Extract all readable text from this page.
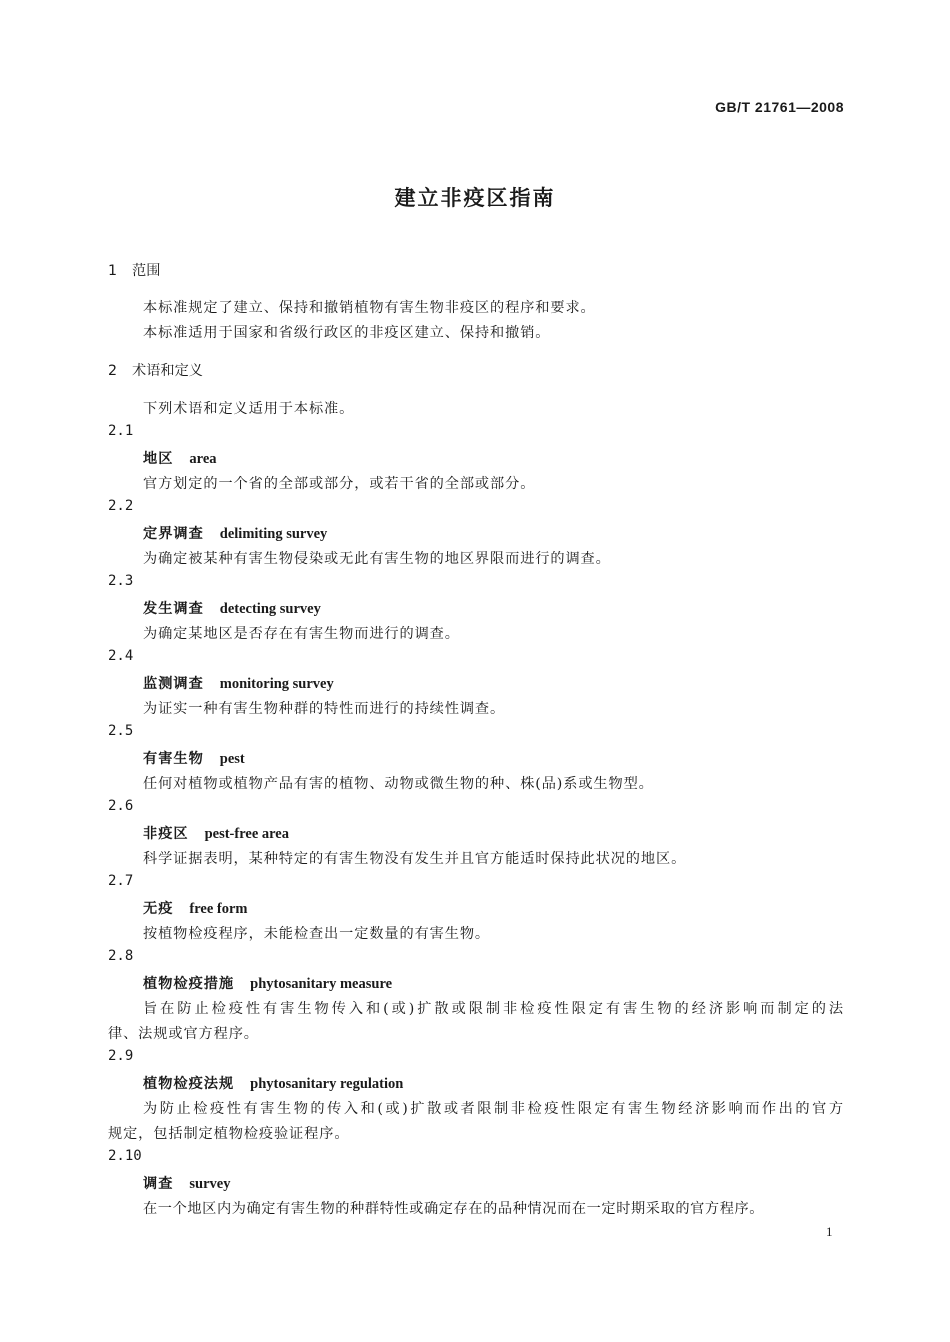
GB/T 21761—2008
建立非疫区指南
1 范围
本标准规定了建立、保持和撤销植物有害生物非疫区的程序和要求。
本标准适用于国家和省级行政区的非疫区建立、保持和撤销。
2 术语和定义
下列术语和定义适用于本标准。
2.1
地区 area
官方划定的一个省的全部或部分，或若干省的全部或部分。
2.2
定界调查 delimiting survey
为确定被某种有害生物侵染或无此有害生物的地区界限而进行的调查。
2.3
发生调查 detecting survey
为确定某地区是否存在有害生物而进行的调查。
2.4
监测调查 monitoring survey
为证实一种有害生物种群的特性而进行的持续性调查。
2.5
有害生物 pest
任何对植物或植物产品有害的植物、动物或微生物的种、株(品)系或生物型。
2.6
非疫区 pest-free area
科学证据表明，某种特定的有害生物没有发生并且官方能适时保持此状况的地区。
2.7
无疫 free form
按植物检疫程序，未能检查出一定数量的有害生物。
2.8
植物检疫措施 phytosanitary measure
旨在防止检疫性有害生物传入和(或)扩散或限制非检疫性限定有害生物的经济影响而制定的法
律、法规或官方程序。
2.9
植物检疫法规 phytosanitary regulation
为防止检疫性有害生物的传入和(或)扩散或者限制非检疫性限定有害生物经济影响而作出的官方
规定，包括制定植物检疫验证程序。
2.10
调查 survey
在一个地区内为确定有害生物的种群特性或确定存在的品种情况而在一定时期采取的官方程序。
1
